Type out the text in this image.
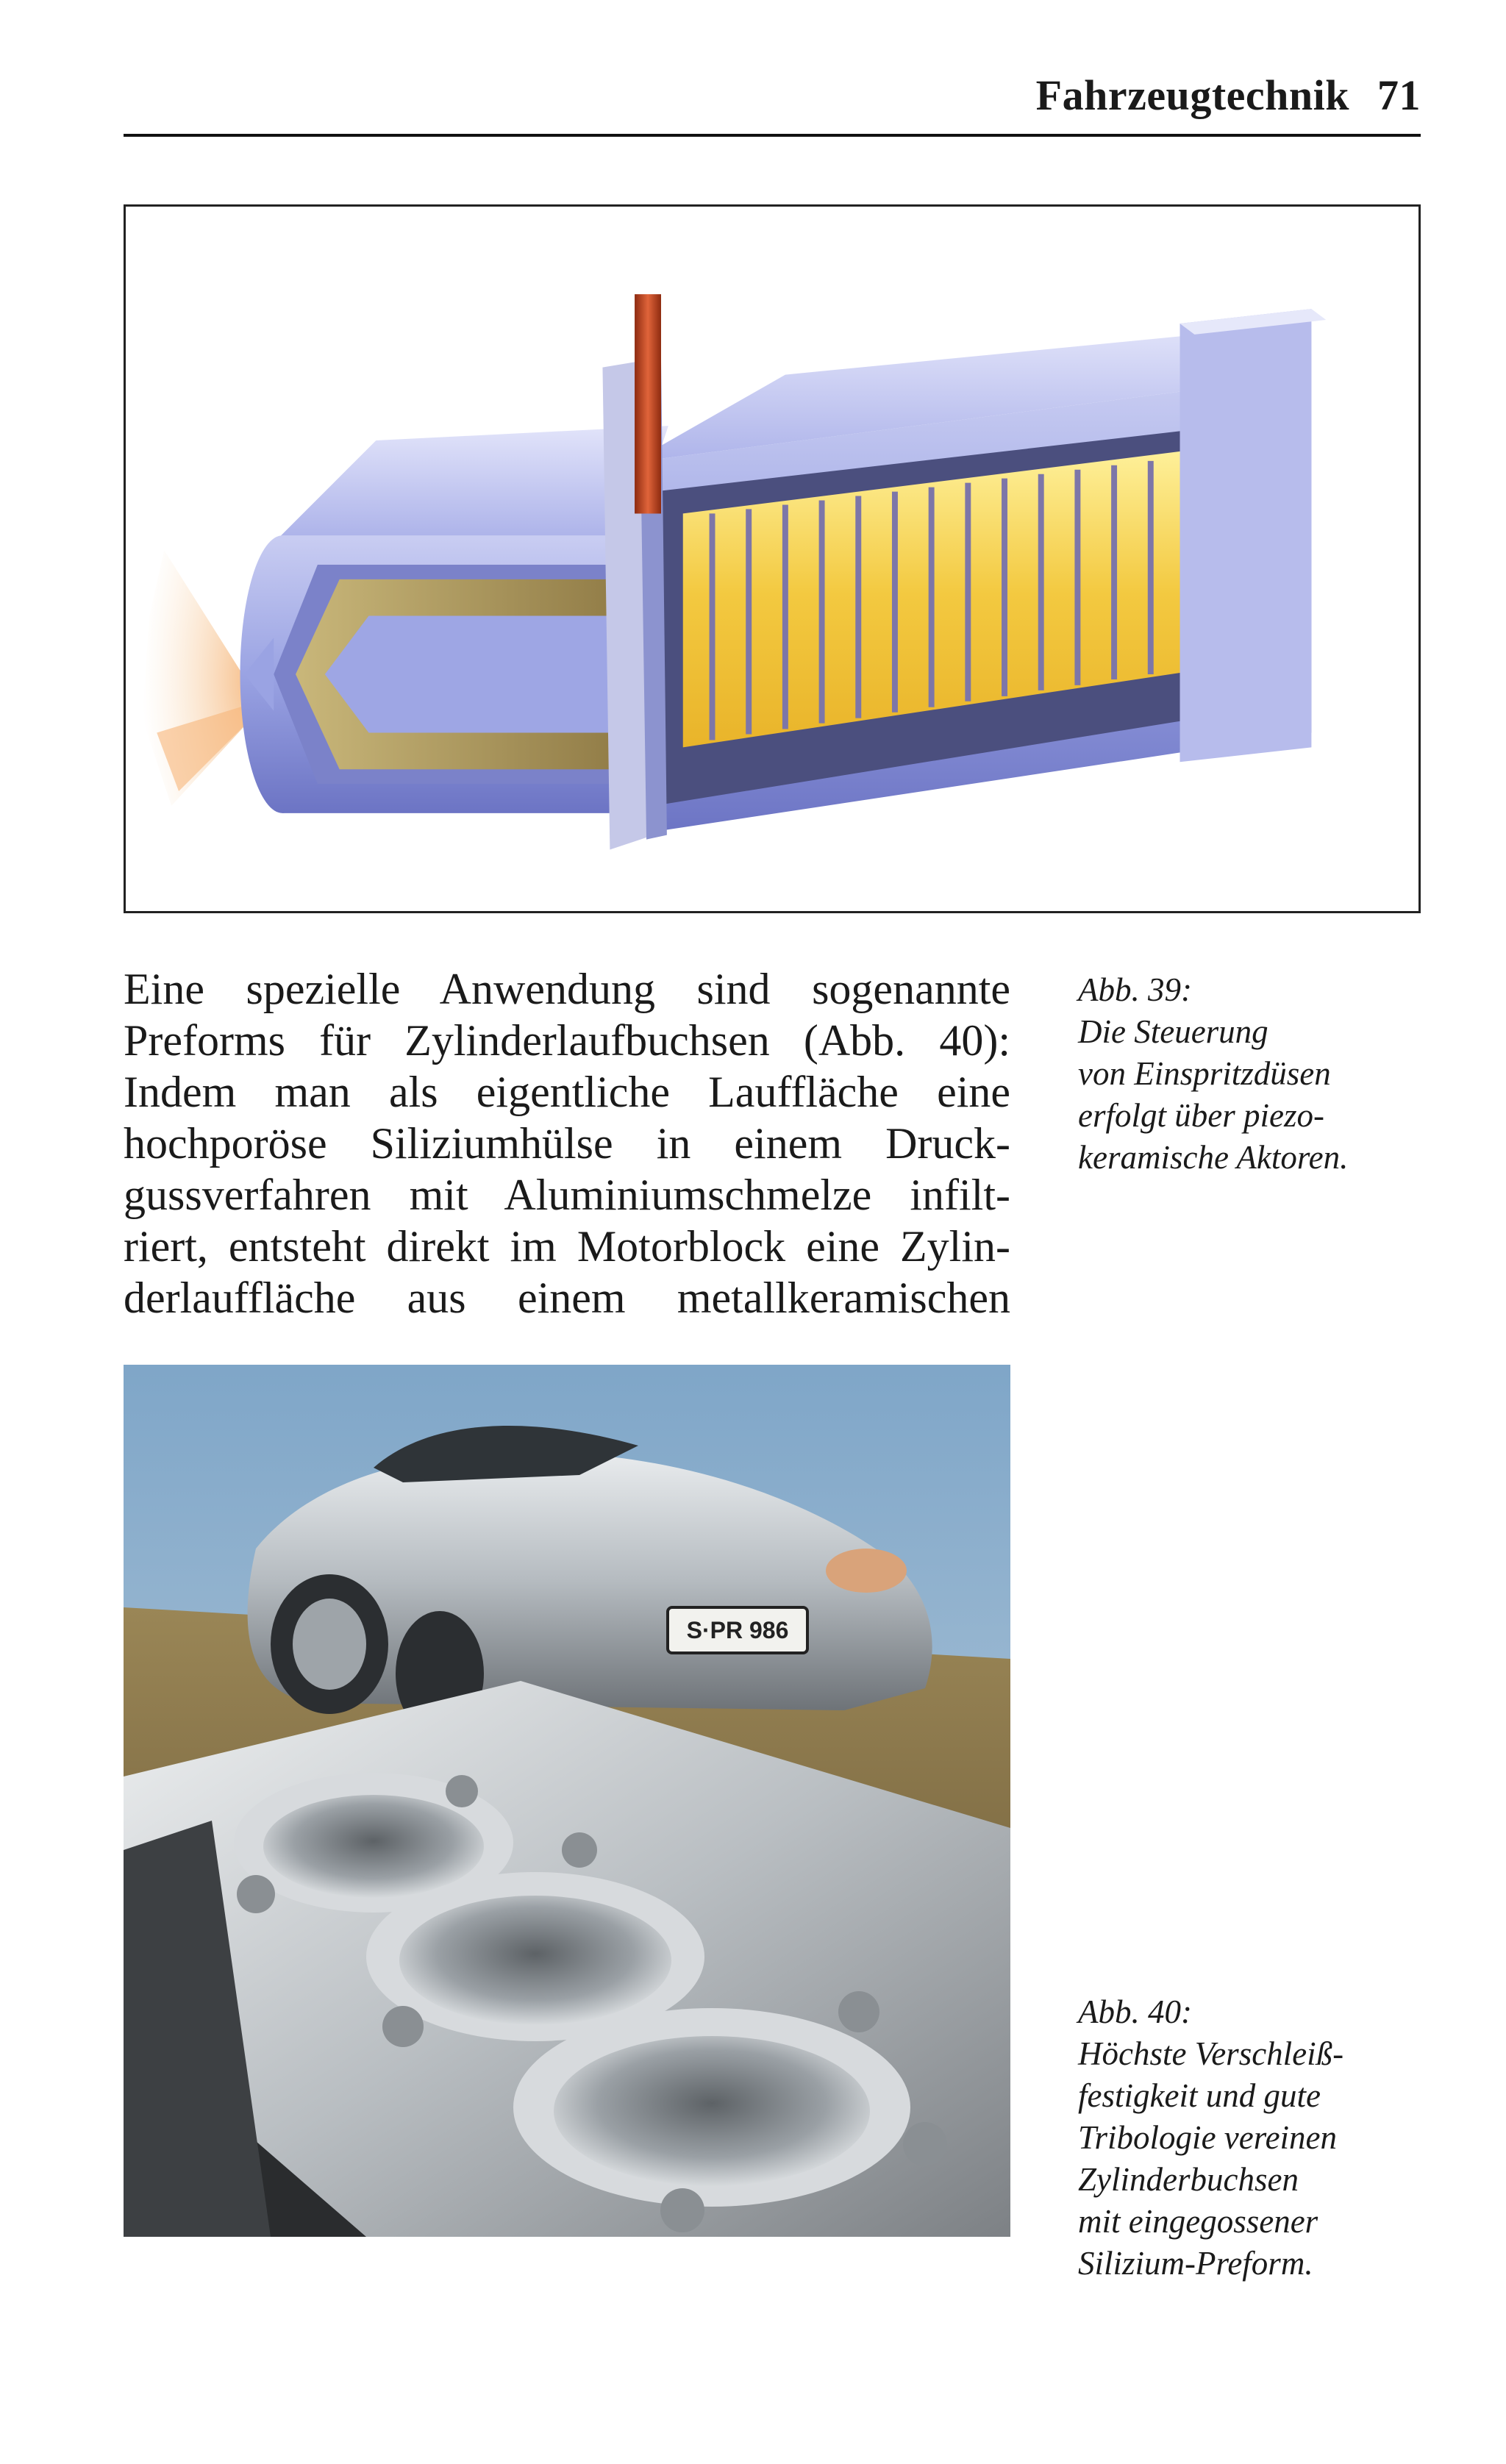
Fahrzeugtechnik 71
Eine spezielle Anwendung sind sogenannte
Preforms für Zylinderlaufbuchsen (Abb. 40):
Indem man als eigentliche Lauffläche eine
hochporöse Siliziumhülse in einem Druck-
gussverfahren mit Aluminiumschmelze infilt-
riert, entsteht direkt im Motorblock eine Zylin-
derlauffläche aus einem metallkeramischen
Abb. 39:
Die Steuerung
von Einspritzdüsen
erfolgt über piezo-
keramische Aktoren.
S·PR 986
Abb. 40:
Höchste Verschleiß-
festigkeit und gute
Tribologie vereinen
Zylinderbuchsen
mit eingegossener
Silizium-Preform.
